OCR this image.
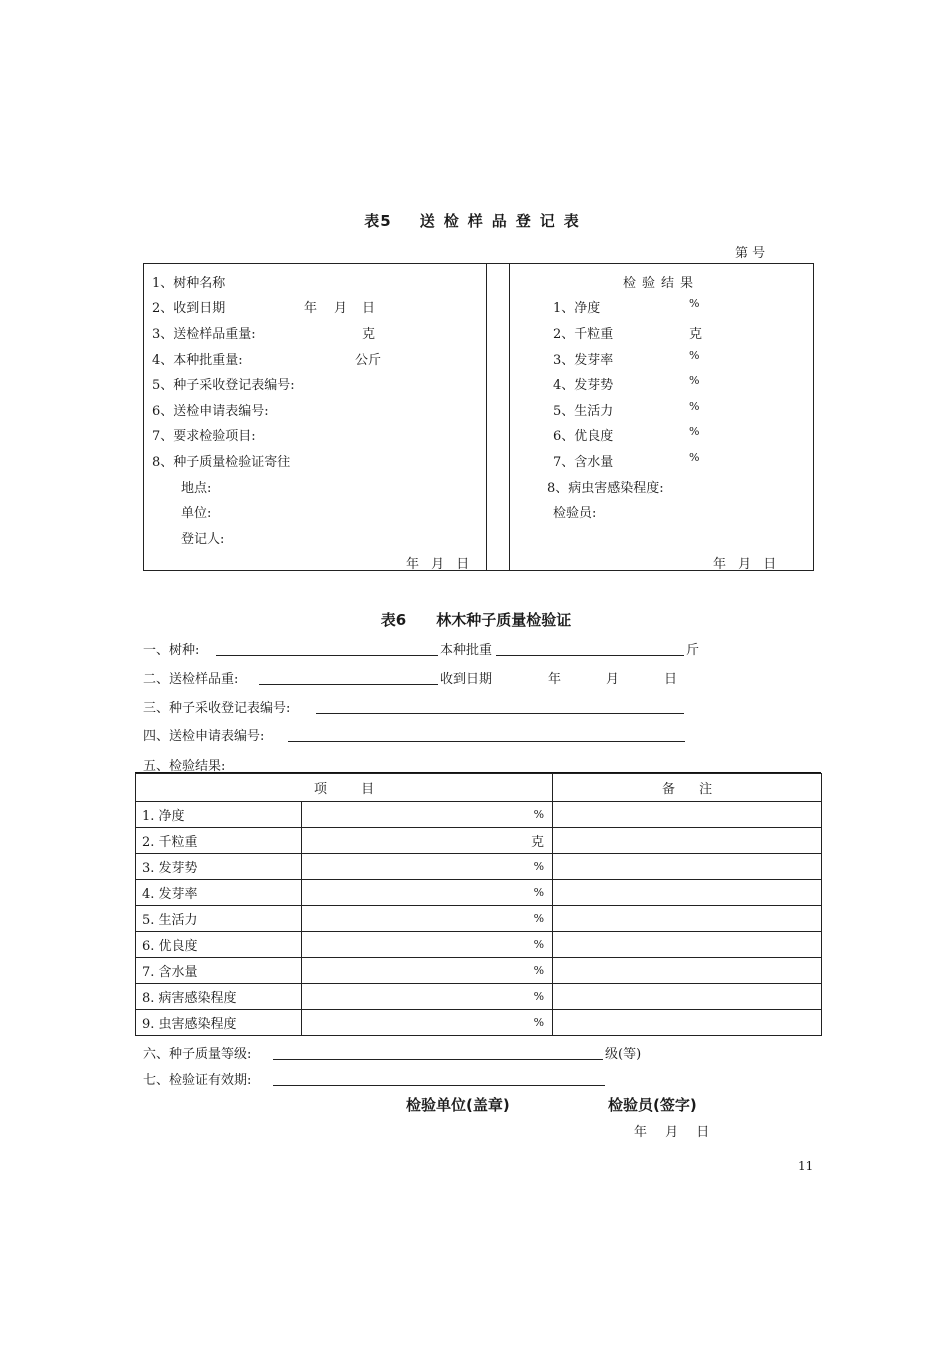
表5 送检样品登记表
第 号
1、树种名称
2、收到日期	年 月 日
3、送检样品重量:	克
4、本种批重量:	公斤
5、种子采收登记表编号:
6、送检申请表编号:
7、要求检验项目:
8、种子质量检验证寄往
地点:
单位:
登记人:
年 月 日
检验结果
1、净度	%
2、千粒重	克
3、发芽率	%
4、发芽势	%
5、生活力	%
6、优良度	%
7、含水量	%
8、病虫害感染程度:
检验员:
年 月 日
表6 林木种子质量检验证
一、树种:	本种批重	斤
二、送检样品重:	收到日期	年	月	日
三、种子采收登记表编号:
四、送检申请表编号:
五、检验结果:
项 目		备 注
1. 净度	%	
2. 千粒重	克	
3. 发芽势	%	
4. 发芽率	%	
5. 生活力	%	
6. 优良度	%	
7. 含水量	%	
8. 病害感染程度	%	
9. 虫害感染程度	%	
六、种子质量等级:	级(等)
七、检验证有效期:
检验单位(盖章)	检验员(签字)
年 月 日
11
